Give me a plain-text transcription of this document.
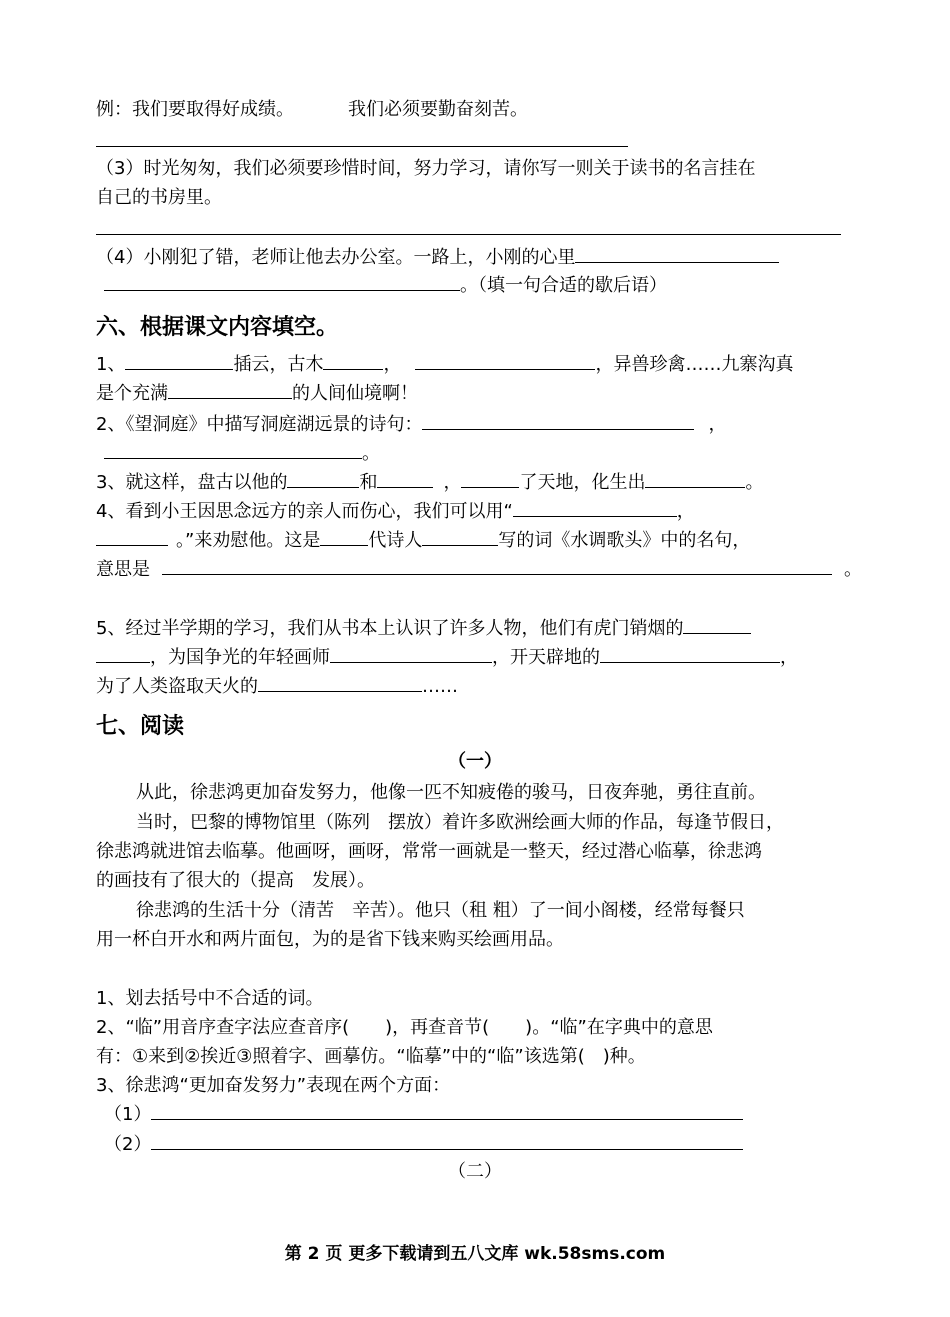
例：我们要取得好成绩。	我们必须要勤奋刻苦。
（3）时光匆匆，我们必须要珍惜时间，努力学习，请你写一则关于读书的名言挂在
自己的书房里。
（4）小刚犯了错，老师让他去办公室。一路上，小刚的心里
。（填一句合适的歇后语）
六、根据课文内容填空。
1、	插云，古木	，	，异兽珍禽……九寨沟真
是个充满	的人间仙境啊！
2、《望洞庭》中描写洞庭湖远景的诗句：	，
。
3、就这样，盘古以他的	和	，	了天地，化生出	。
4、看到小王因思念远方的亲人而伤心，我们可以用“	，
。”来劝慰他。这是	代诗人	写的词《水调歌头》中的名句，
意思是	。
5、经过半学期的学习，我们从书本上认识了许多人物，他们有虎门销烟的
，为国争光的年轻画师	，开天辟地的	，
为了人类盗取天火的	……
七、阅读
（一）
从此，徐悲鸿更加奋发努力，他像一匹不知疲倦的骏马，日夜奔驰，勇往直前。
当时，巴黎的博物馆里（陈列　摆放）着许多欧洲绘画大师的作品，每逢节假日，
徐悲鸿就进馆去临摹。他画呀，画呀，常常一画就是一整天，经过潜心临摹，徐悲鸿
的画技有了很大的（提高　发展）。
徐悲鸿的生活十分（清苦　辛苦）。他只（租 粗）了一间小阁楼，经常每餐只
用一杯白开水和两片面包，为的是省下钱来购买绘画用品。
1、划去括号中不合适的词。
2、“临”用音序查字法应查音序(　　)，再查音节(　　)。“临”在字典中的意思
有：①来到②挨近③照着字、画摹仿。“临摹”中的“临”该选第(　)种。
3、徐悲鸿“更加奋发努力”表现在两个方面：
（1）
（2）
（二）
第 2 页 更多下载请到五八文库 wk.58sms.com
